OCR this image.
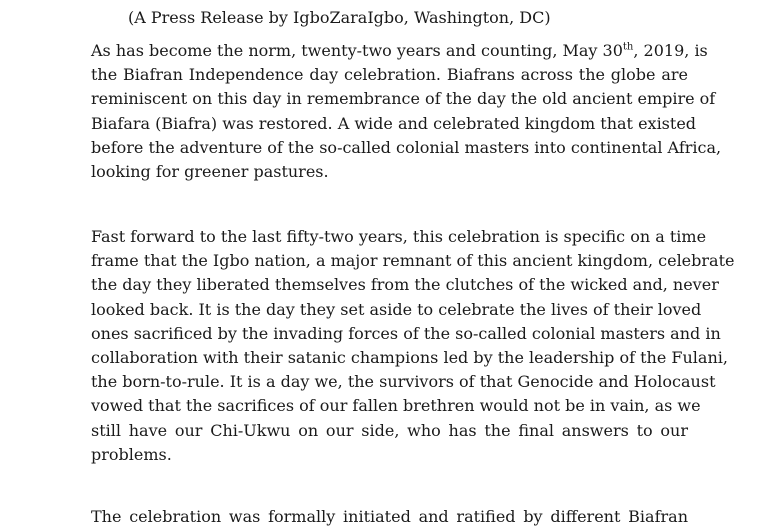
(A Press Release by IgboZaraIgbo, Washington, DC)
As has become the norm, twenty-two years and counting, May 30th, 2019, is
the Biafran Independence day celebration. Biafrans across the globe are
reminiscent on this day in remembrance of the day the old ancient empire of
Biafara (Biafra) was restored. A wide and celebrated kingdom that existed
before the adventure of the so-called colonial masters into continental Africa,
looking for greener pastures.
Fast forward to the last fifty-two years, this celebration is specific on a time
frame that the Igbo nation, a major remnant of this ancient kingdom, celebrate
the day they liberated themselves from the clutches of the wicked and, never
looked back. It is the day they set aside to celebrate the lives of their loved
ones sacrificed by the invading forces of the so-called colonial masters and in
collaboration with their satanic champions led by the leadership of the Fulani,
the born-to-rule. It is a day we, the survivors of that Genocide and Holocaust
vowed that the sacrifices of our fallen brethren would not be in vain, as we
still have our Chi-Ukwu on our side, who has the final answers to our
problems.
The celebration was formally initiated and ratified by different Biafran
